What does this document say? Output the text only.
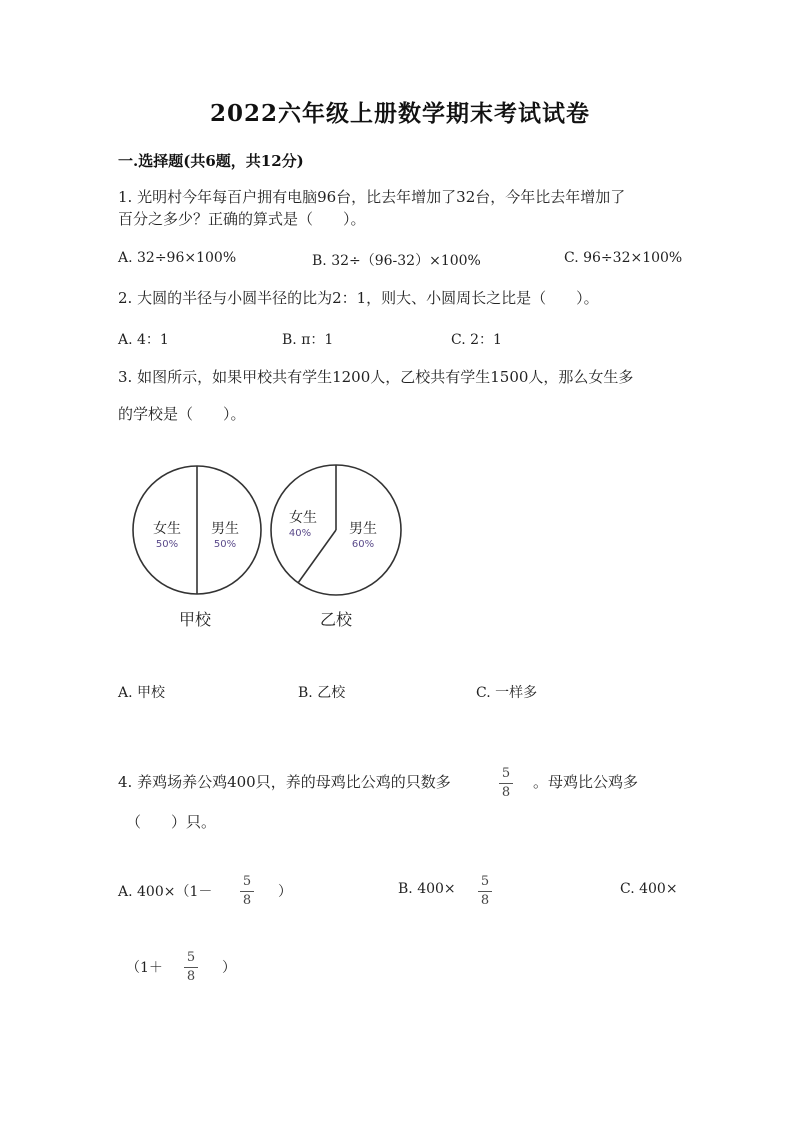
2022六年级上册数学期末考试试卷
一.选择题(共6题，共12分)
1. 光明村今年每百户拥有电脑96台，比去年增加了32台，今年比去年增加了
百分之多少？正确的算式是（　　）。
A. 32÷96×100%	B. 32÷（96-32）×100%	C. 96÷32×100%
2. 大圆的半径与小圆半径的比为2：1，则大、小圆周长之比是（　　）。
A. 4：1	B. π：1	C. 2：1
3. 如图所示，如果甲校共有学生1200人，乙校共有学生1500人，那么女生多
的学校是（　　）。
女生
50%
男生
50%
甲校
女生
40%	男生
60%
乙校
A. 甲校	B. 乙校	C. 一样多
4. 养鸡场养公鸡400只，养的母鸡比公鸡的只数多	5
8
。母鸡比公鸡多
（　　）只。
A. 400×（1－
5
8
）	B. 400× 5
8
C. 400×
（1＋
5
8
）
